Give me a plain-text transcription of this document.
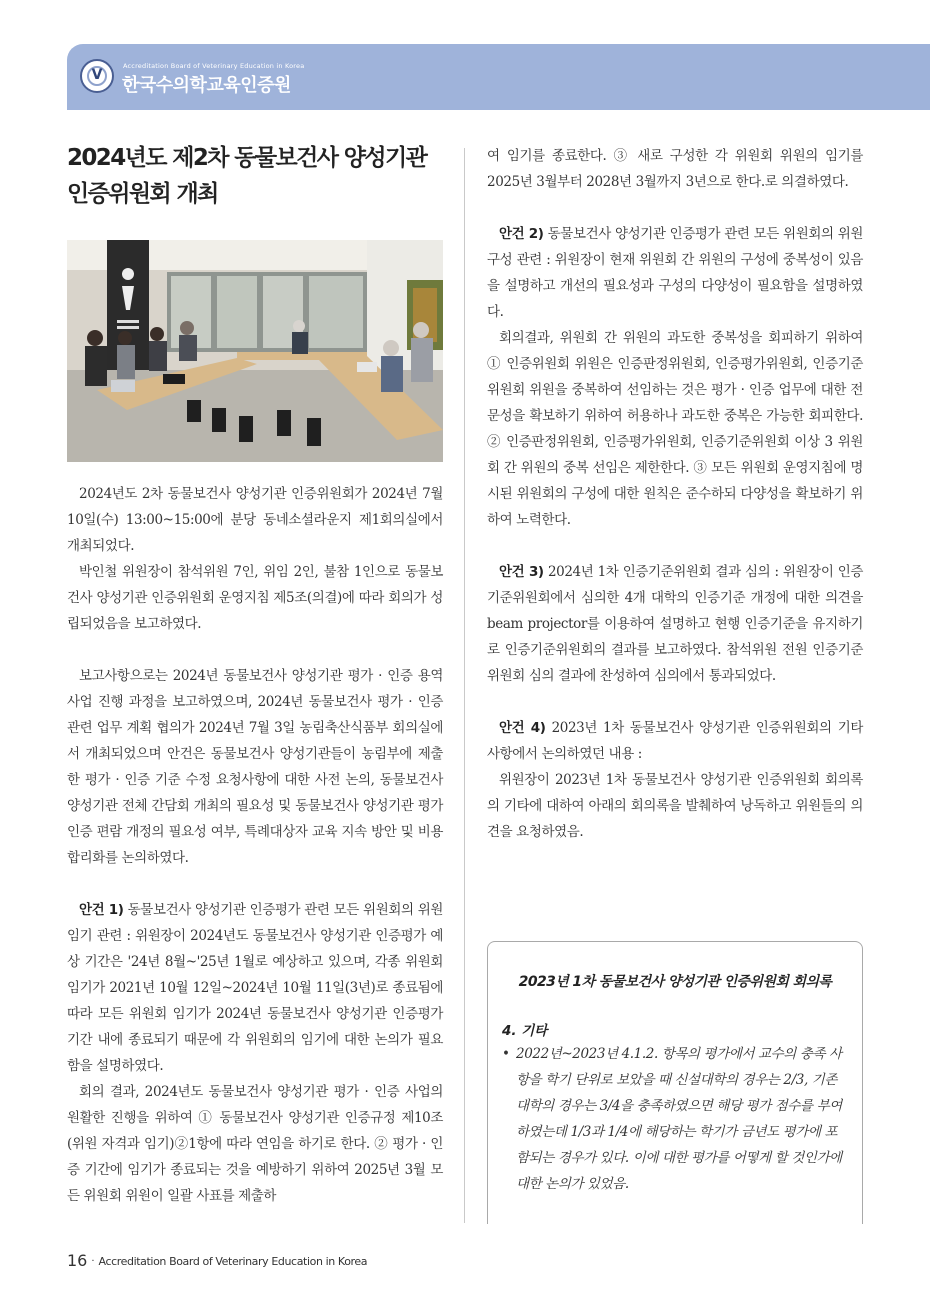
V
Accreditation Board of Veterinary Education in Korea
한국수의학교육인증원
2024년도 제2차 동물보건사 양성기관
인증위원회 개최

2024년도 2차 동물보건사 양성기관 인증위원회가 2024년 7월 10일(수) 13:00~15:00에 분당 동네소셜라운지 제1회의실에서 개최되었다.

박인철 위원장이 참석위원 7인, 위임 2인, 불참 1인으로 동물보건사 양성기관 인증위원회 운영지침 제5조(의결)에 따라 회의가 성립되었음을 보고하였다.

보고사항으로는 2024년 동물보건사 양성기관 평가 · 인증 용역사업 진행 과정을 보고하였으며, 2024년 동물보건사 평가 · 인증 관련 업무 계획 협의가 2024년 7월 3일 농림축산식품부 회의실에서 개최되었으며 안건은 동물보건사 양성기관들이 농림부에 제출한 평가 · 인증 기준 수정 요청사항에 대한 사전 논의, 동물보건사 양성기관 전체 간담회 개최의 필요성 및 동물보건사 양성기관 평가인증 편람 개정의 필요성 여부, 특례대상자 교육 지속 방안 및 비용 합리화를 논의하였다.

안건 1) 동물보건사 양성기관 인증평가 관련 모든 위원회의 위원 임기 관련 : 위원장이 2024년도 동물보건사 양성기관 인증평가 예상 기간은 '24년 8월~'25년 1월로 예상하고 있으며, 각종 위원회 임기가 2021년 10월 12일~2024년 10월 11일(3년)로 종료됨에 따라 모든 위원회 임기가 2024년 동물보건사 양성기관 인증평가 기간 내에 종료되기 때문에 각 위원회의 임기에 대한 논의가 필요함을 설명하였다.

회의 결과, 2024년도 동물보건사 양성기관 평가 · 인증 사업의 원활한 진행을 위하여 ① 동물보건사 양성기관 인증규정 제10조(위원 자격과 임기)②1항에 따라 연임을 하기로 한다. ② 평가 · 인증 기간에 임기가 종료되는 것을 예방하기 위하여 2025년 3월 모든 위원회 위원이 일괄 사표를 제출하

여 임기를 종료한다. ③ 새로 구성한 각 위원회 위원의 임기를 2025년 3월부터 2028년 3월까지 3년으로 한다.로 의결하였다.

안건 2) 동물보건사 양성기관 인증평가 관련 모든 위원회의 위원 구성 관련 : 위원장이 현재 위원회 간 위원의 구성에 중복성이 있음을 설명하고 개선의 필요성과 구성의 다양성이 필요함을 설명하였다.

회의결과, 위원회 간 위원의 과도한 중복성을 회피하기 위하여 ① 인증위원회 위원은 인증판정위원회, 인증평가위원회, 인증기준위원회 위원을 중복하여 선임하는 것은 평가 · 인증 업무에 대한 전문성을 확보하기 위하여 허용하나 과도한 중복은 가능한 회피한다. ② 인증판정위원회, 인증평가위원회, 인증기준위원회 이상 3 위원회 간 위원의 중복 선임은 제한한다. ③ 모든 위원회 운영지침에 명시된 위원회의 구성에 대한 원칙은 준수하되 다양성을 확보하기 위하여 노력한다.

안건 3) 2024년 1차 인증기준위원회 결과 심의 : 위원장이 인증기준위원회에서 심의한 4개 대학의 인증기준 개정에 대한 의견을 beam projector를 이용하여 설명하고 현행 인증기준을 유지하기로 인증기준위원회의 결과를 보고하였다. 참석위원 전원 인증기준위원회 심의 결과에 찬성하여 심의에서 통과되었다.

안건 4) 2023년 1차 동물보건사 양성기관 인증위원회의 기타 사항에서 논의하였던 내용 :

위원장이 2023년 1차 동물보건사 양성기관 인증위원회 회의록의 기타에 대하여 아래의 회의록을 발췌하여 낭독하고 위원들의 의견을 요청하였음.

2023년 1차 동물보건사 양성기관 인증위원회 회의록
4. 기타
• 2022년~2023년 4.1.2. 항목의 평가에서 교수의 충족 사항을 학기 단위로 보았을 때 신설대학의 경우는 2/3, 기존 대학의 경우는 3/4을 충족하였으면 해당 평가 점수를 부여하였는데 1/3과 1/4에 해당하는 학기가 금년도 평가에 포함되는 경우가 있다. 이에 대한 평가를 어떻게 할 것인가에 대한 논의가 있었음.
16 · Accreditation Board of Veterinary Education in Korea
